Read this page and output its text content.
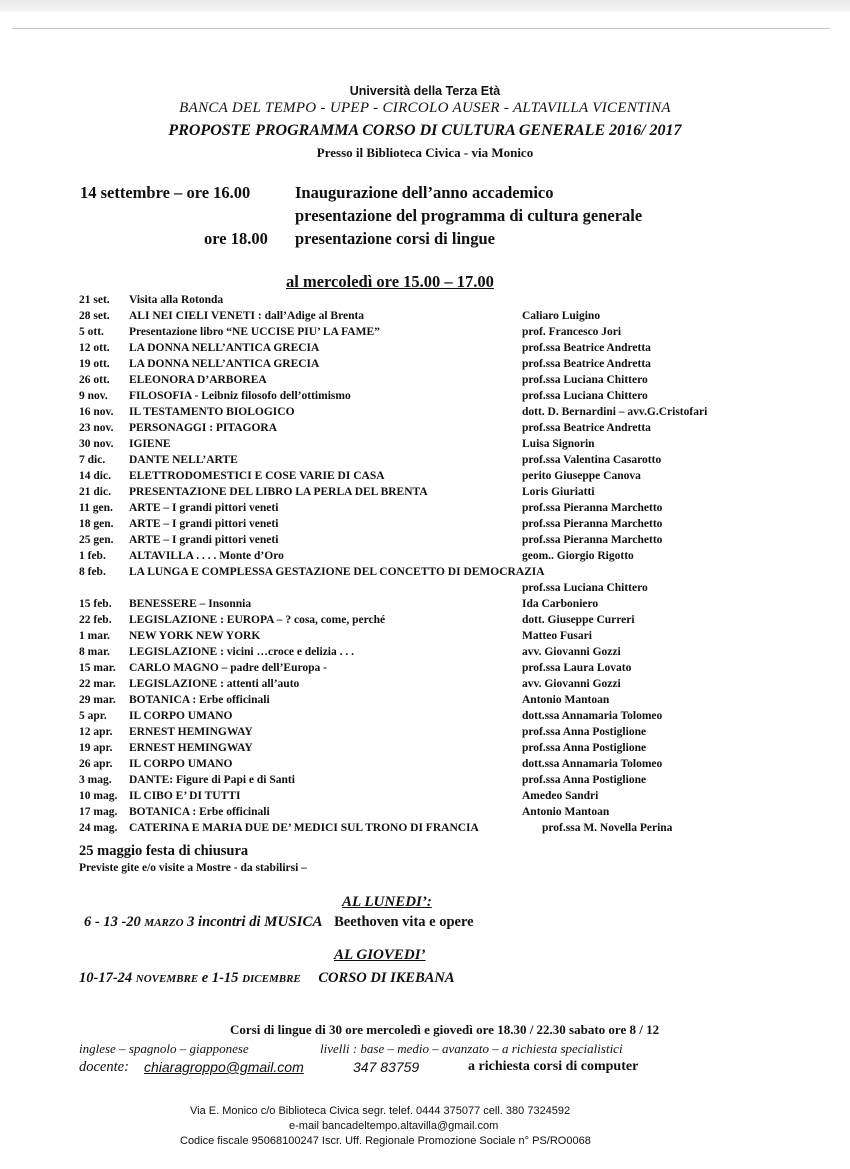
Università della Terza Età
BANCA DEL TEMPO - UPEP - CIRCOLO AUSER - ALTAVILLA VICENTINA
PROPOSTE PROGRAMMA CORSO DI CULTURA GENERALE 2016/ 2017
Presso il Biblioteca Civica - via Monico
14 settembre – ore 16.00	Inaugurazione dell’anno accademico
presentazione del programma di cultura generale
ore 18.00 presentazione corsi di lingue
al mercoledì ore 15.00 – 17.00
21 set. Visita alla Rotonda
28 set. ALI NEI CIELI VENETI : dall’Adige al Brenta	Caliaro Luigino
5 ott. Presentazione libro “NE UCCISE PIU’ LA FAME”	prof. Francesco Jori
12 ott. LA DONNA NELL’ANTICA GRECIA	prof.ssa Beatrice Andretta
19 ott. LA DONNA NELL’ANTICA GRECIA	prof.ssa Beatrice Andretta
26 ott. ELEONORA D’ARBOREA	prof.ssa Luciana Chittero
9 nov. FILOSOFIA - Leibniz filosofo dell’ottimismo	prof.ssa Luciana Chittero
16 nov. IL TESTAMENTO BIOLOGICO	dott. D. Bernardini – avv.G.Cristofari
23 nov. PERSONAGGI : PITAGORA	prof.ssa Beatrice Andretta
30 nov. IGIENE	Luisa Signorin
7 dic. DANTE NELL’ARTE	prof.ssa Valentina Casarotto
14 dic. ELETTRODOMESTICI E COSE VARIE DI CASA	perito Giuseppe Canova
21 dic. PRESENTAZIONE DEL LIBRO LA PERLA DEL BRENTA	Loris Giuriatti
11 gen. ARTE – I grandi pittori veneti	prof.ssa Pieranna Marchetto
18 gen. ARTE – I grandi pittori veneti	prof.ssa Pieranna Marchetto
25 gen. ARTE – I grandi pittori veneti	prof.ssa Pieranna Marchetto
1 feb. ALTAVILLA . . . . Monte d’Oro	geom.. Giorgio Rigotto
8 feb. LA LUNGA E COMPLESSA GESTAZIONE DEL CONCETTO DI DEMOCRAZIA
prof.ssa Luciana Chittero
15 feb. BENESSERE – Insonnia	Ida Carboniero
22 feb. LEGISLAZIONE : EUROPA – ? cosa, come, perché	dott. Giuseppe Curreri
1 mar. NEW YORK NEW YORK	Matteo Fusari
8 mar. LEGISLAZIONE : vicini …croce e delizia . . .	avv. Giovanni Gozzi
15 mar. CARLO MAGNO – padre dell’Europa -	prof.ssa Laura Lovato
22 mar. LEGISLAZIONE : attenti all’auto	avv. Giovanni Gozzi
29 mar. BOTANICA : Erbe officinali	Antonio Mantoan
5 apr. IL CORPO UMANO	dott.ssa Annamaria Tolomeo
12 apr. ERNEST HEMINGWAY	prof.ssa Anna Postiglione
19 apr. ERNEST HEMINGWAY	prof.ssa Anna Postiglione
26 apr. IL CORPO UMANO	dott.ssa Annamaria Tolomeo
3 mag. DANTE: Figure di Papi e di Santi	prof.ssa Anna Postiglione
10 mag. IL CIBO E’ DI TUTTI	Amedeo Sandri
17 mag. BOTANICA : Erbe officinali	Antonio Mantoan
24 mag. CATERINA E MARIA DUE DE’ MEDICI SUL TRONO DI FRANCIA	prof.ssa M. Novella Perina
25 maggio festa di chiusura
Previste gite e/o visite a Mostre - da stabilirsi –
AL LUNEDI’:
6 - 13 -20 MARZO 3 incontri di MUSICA Beethoven vita e opere
AL GIOVEDI’
10-17-24 NOVEMBRE e 1-15 DICEMBRE CORSO DI IKEBANA
Corsi di lingue di 30 ore mercoledì e giovedì ore 18.30 / 22.30 sabato ore 8 / 12
inglese – spagnolo – giapponese	livelli : base – medio – avanzato – a richiesta specialistici
docente: chiaragroppo@gmail.com	347 83759	a richiesta corsi di computer
Via E. Monico c/o Biblioteca Civica segr. telef. 0444 375077 cell. 380 7324592
e-mail bancadeltempo.altavilla@gmail.com
Codice fiscale 95068100247 Iscr. Uff. Regionale Promozione Sociale n° PS/RO0068
